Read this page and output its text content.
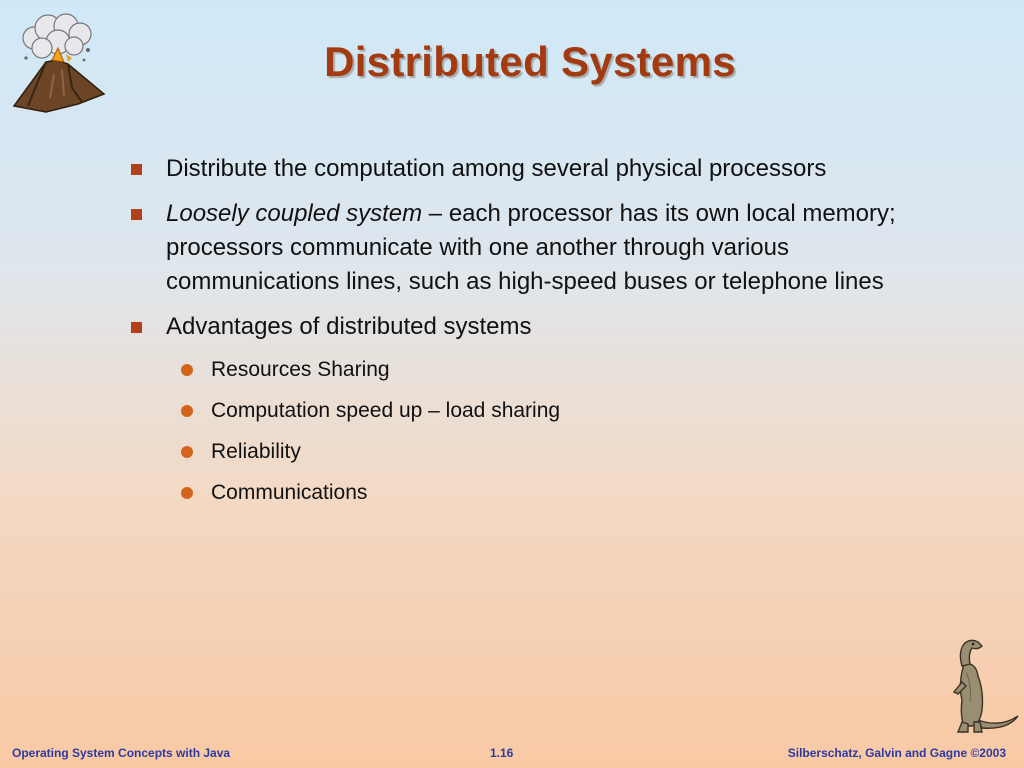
Distributed Systems
Distribute the computation among several physical processors
Loosely coupled system – each processor has its own local memory; processors communicate with one another through various communications lines, such as high-speed buses or telephone lines
Advantages of distributed systems
Resources Sharing
Computation speed up – load sharing
Reliability
Communications
Operating System Concepts with Java	1.16	Silberschatz, Galvin and Gagne ©2003
